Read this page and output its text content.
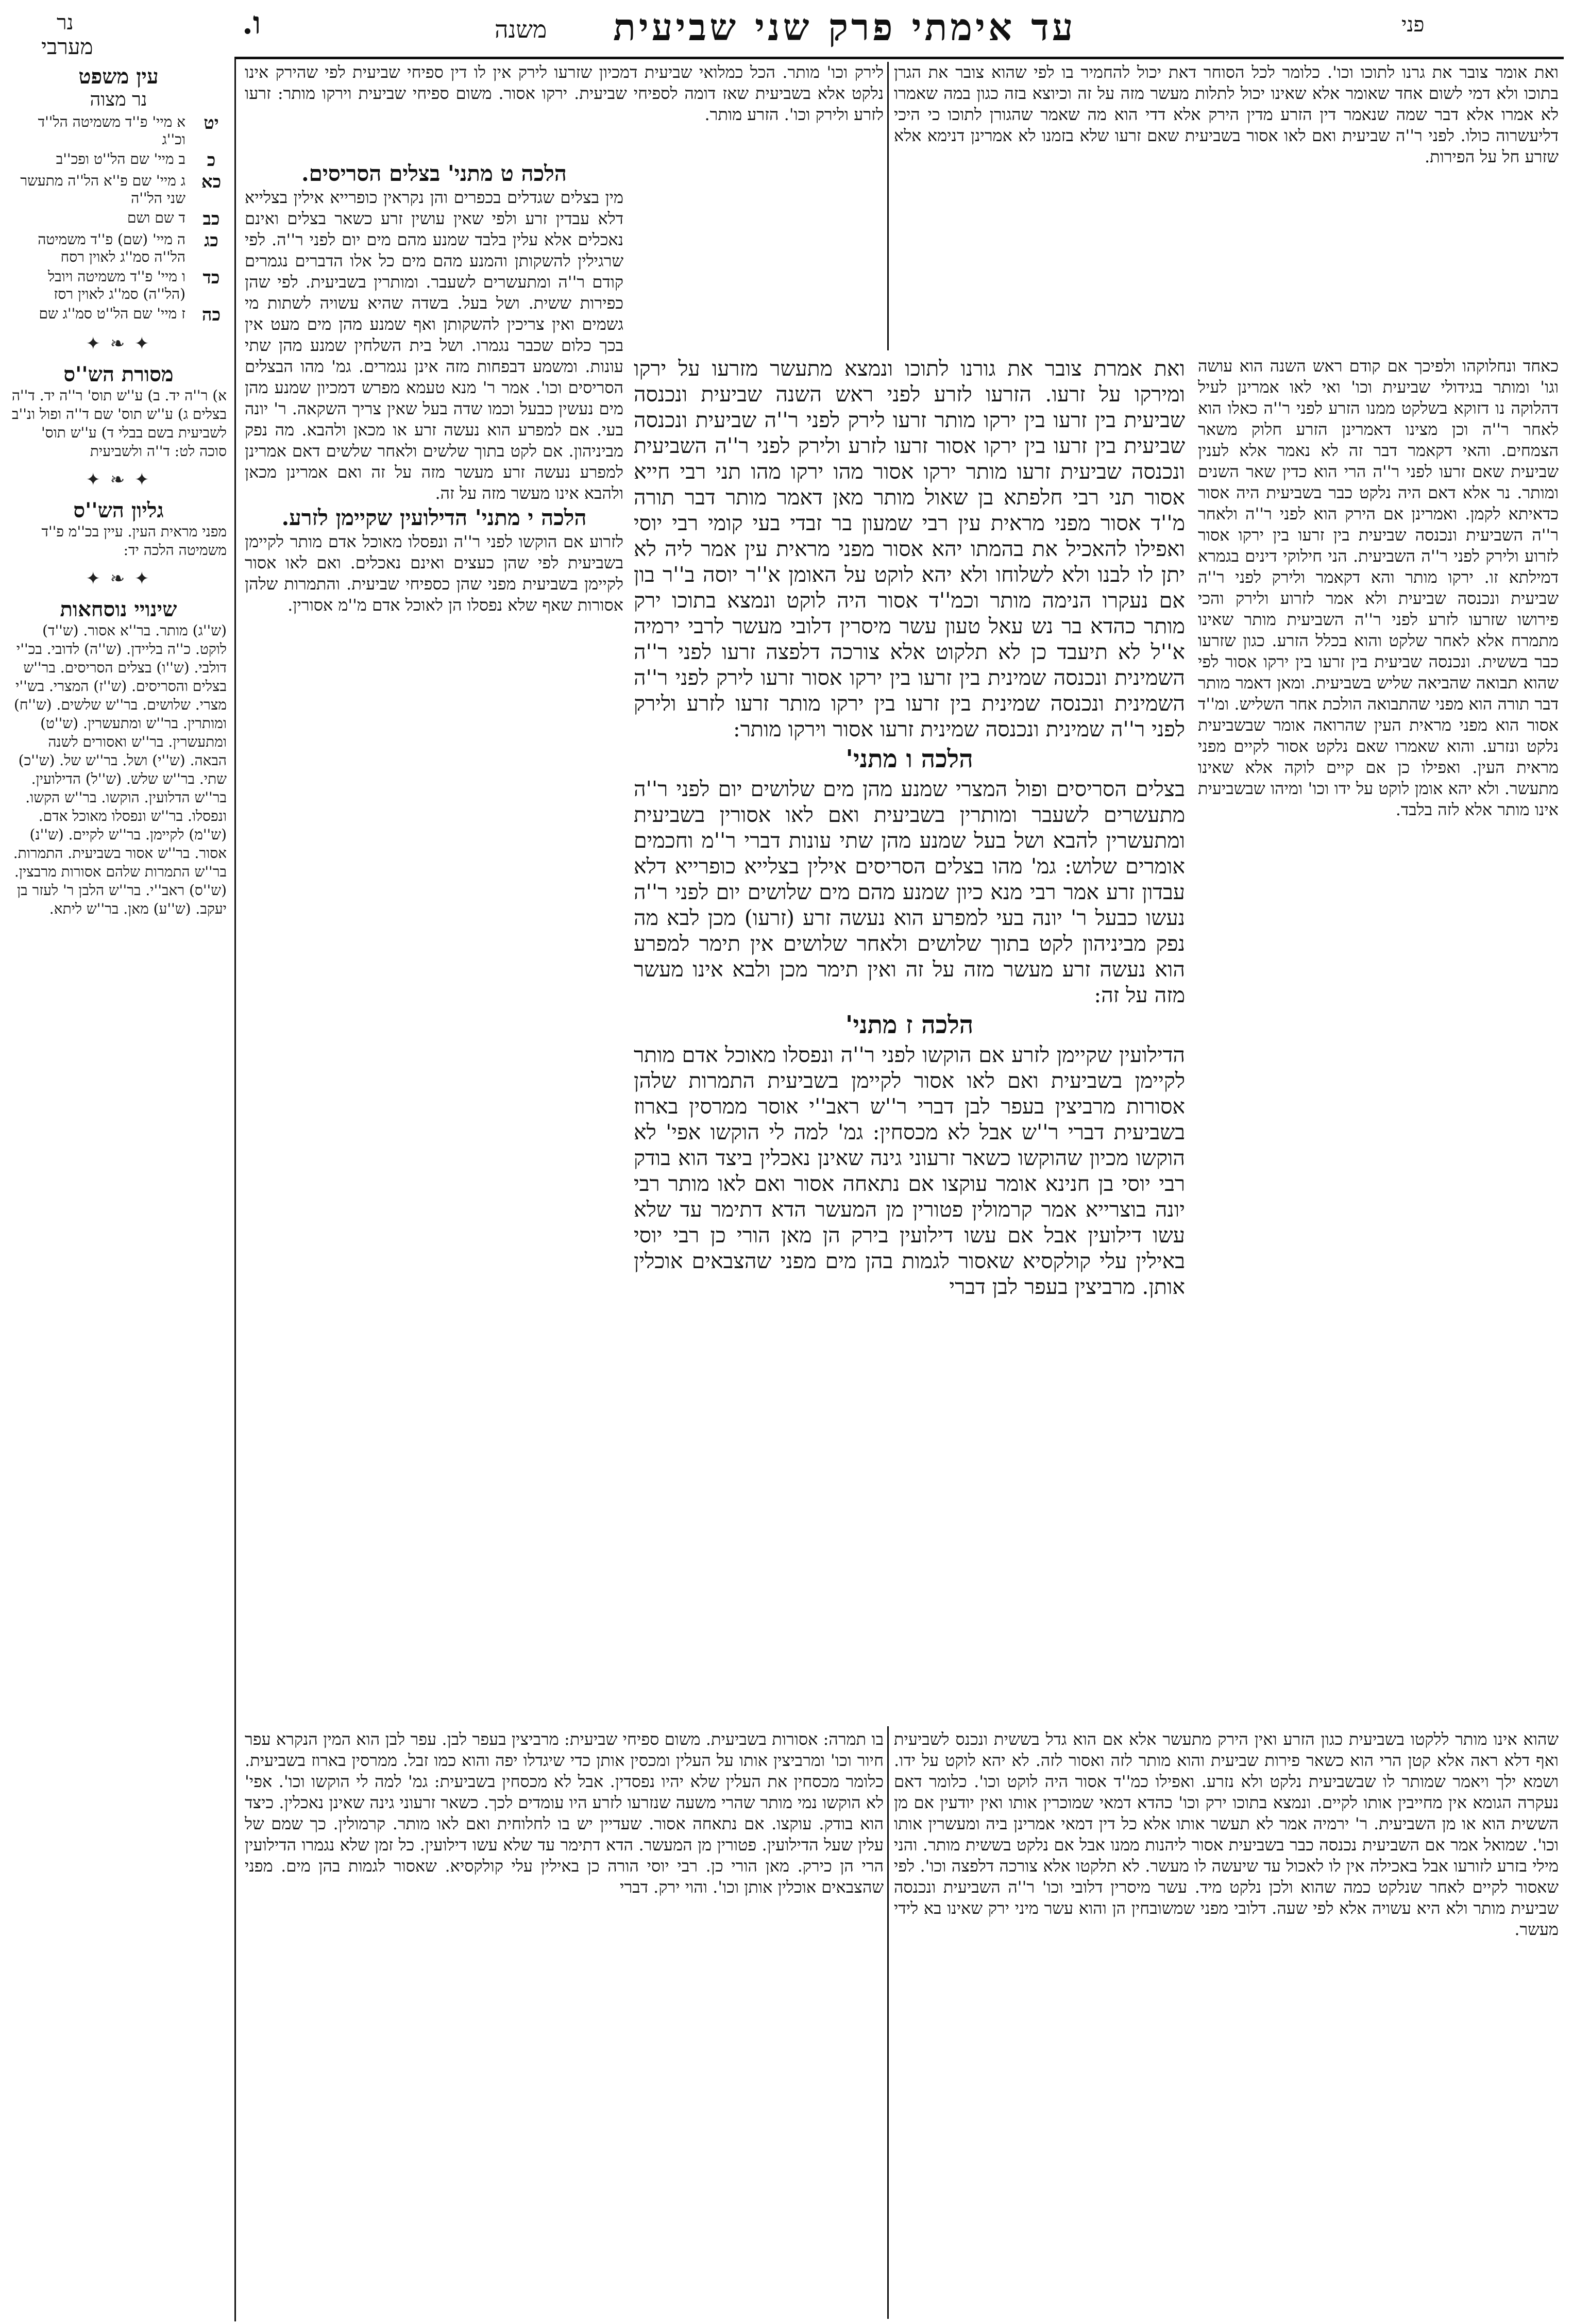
פני
עד אימתי פרק שני שביעית
משנה
ו.
נר
מערבי

ואת אומר צובר את גרנו לתוכו וכו'. כלומר לכל הסוחר דאת יכול להחמיר בו לפי שהוא צובר את הגרן בתוכו ולא דמי לשום אחד שאומר אלא שאינו יכול לתלות מעשר מזה על זה וכיוצא בזה כגון במה שאמרו לא אמרו אלא דבר שמה שנאמר דין הזרע מדין הירק אלא דדי הוא מה שאמר שהגורן לתוכו כי היכי דליעשרוה כולו. לפני ר''ה שביעית ואם לאו אסור בשביעית שאם זרעו שלא בזמנו לא אמרינן דנימא אלא שזרע חל על הפירות.

כאחד ונחלוקהו ולפיכך אם קודם ראש השנה הוא עושה וגו' ומותר בגידולי שביעית וכו' ואי לאו אמרינן לעיל דהלוקה נו דזוקא בשלקט ממנו הזרע לפני ר''ה כאלו הוא לאחר ר''ה וכן מצינו דאמרינן הזרע חלוק משאר הצמחים. והאי דקאמר דבר זה לא נאמר אלא לענין שביעית שאם זרעו לפני ר''ה הרי הוא כדין שאר השנים ומותר. נר אלא דאם היה נלקט כבר בשביעית היה אסור כדאיתא לקמן. ואמרינן אם הירק הוא לפני ר''ה ולאחר ר''ה השביעית ונכנסה שביעית בין זרעו בין ירקו אסור לזרוע ולירק לפני ר''ה השביעית. הני חילוקי דינים בגמרא דמילתא זו. ירקו מותר והא דקאמר ולירק לפני ר''ה שביעית ונכנסה שביעית ולא אמר לזרוע ולירק והכי פירושו שזרעו לזרע לפני ר''ה השביעית מותר שאינו מתמרח אלא לאחר שלקט והוא בכלל הזרע. כגון שזרעו כבר בששית. ונכנסה שביעית בין זרעו בין ירקו אסור לפי שהוא תבואה שהביאה שליש בשביעית. ומאן דאמר מותר דבר תורה הוא מפני שהתבואה הולכת אחר השליש. ומ''ד אסור הוא מפני מראית העין שהרואה אומר שבשביעית נלקט ונזרע. והוא שאמרו שאם נלקט אסור לקיים מפני מראית העין. ואפילו כן אם קיים לוקה אלא שאינו מתעשר. ולא יהא אומן לוקט על ידו וכו' ומיהו שבשביעית אינו מותר אלא לזה בלבד.

שהוא אינו מותר ללקטו בשביעית כגון הזרע ואין הירק מתעשר אלא אם הוא גדל בששית ונכנס לשביעית ואף דלא ראה אלא קטן הרי הוא כשאר פירות שביעית והוא מותר לזה ואסור לזה. לא יהא לוקט על ידו. ושמא ילך ויאמר שמותר לו שבשביעית נלקט ולא נזרע. ואפילו כמ''ד אסור היה לוקט וכו'. כלומר דאם נעקרה הגומא אין מחייבין אותו לקיים. ונמצא בתוכו ירק וכו' כהדא דמאי שמוכרין אותו ואין יודעין אם מן הששית הוא או מן השביעית. ר' ירמיה אמר לא תעשר אותו אלא כל דין דמאי אמרינן ביה ומעשרין אותו וכו'. שמואל אמר אם השביעית נכנסה כבר בשביעית אסור ליהנות ממנו אבל אם נלקט בששית מותר. והני מילי בזרע לזורעו אבל באכילה אין לו לאכול עד שיעשה לו מעשר. לא תלקטו אלא צורכה דלפצה וכו'. לפי שאסור לקיים לאחר שנלקט כמה שהוא ולכן נלקט מיד. עשר מיסרין דלובי וכו' ר''ה השביעית ונכנסה שביעית מותר ולא היא עשויה אלא לפי שעה. דלובי מפני שמשובחין הן והוא עשר מיני ירק שאינו בא לידי מעשר.

ואת אמרת צובר את גורנו לתוכו ונמצא מתעשר מזרעו על ירקו ומירקו על זרעו. הזרעו לזרע לפני ראש השנה שביעית ונכנסה שביעית בין זרעו בין ירקו מותר זרעו לירק לפני ר''ה שביעית ונכנסה שביעית בין זרעו בין ירקו אסור זרעו לזרע ולירק לפני ר''ה השביעית ונכנסה שביעית זרעו מותר ירקו אסור מהו ירקו מהו תני רבי חייא אסור תני רבי חלפתא בן שאול מותר מאן דאמר מותר דבר תורה מ''ד אסור מפני מראית עין רבי שמעון בר זבדי בעי קומי רבי יוסי ואפילו להאכיל את בהמתו יהא אסור מפני מראית עין אמר ליה לא יתן לו לבנו ולא לשלוחו ולא יהא לוקט על האומן א''ר יוסה ב''ר בון אם נעקרו הנימה מותר וכמ''ד אסור היה לוקט ונמצא בתוכו ירק מותר כהדא בר נש עאל טעון עשר מיסרין דלובי מעשר לרבי ירמיה א''ל לא תיעבד כן לא תלקוט אלא צורכה דלפצה זרעו לפני ר''ה השמינית ונכנסה שמינית בין זרעו בין ירקו אסור זרעו לירק לפני ר''ה השמינית ונכנסה שמינית בין זרעו בין ירקו מותר זרעו לזרע ולירק לפני ר''ה שמינית ונכנסה שמינית זרעו אסור וירקו מותר:

הלכה ו מתני'

בצלים הסריסים ופול המצרי שמנע מהן מים שלושים יום לפני ר''ה מתעשרים לשעבר ומותרין בשביעית ואם לאו אסורין בשביעית ומתעשרין להבא ושל בעל שמנע מהן שתי עונות דברי ר''מ וחכמים אומרים שלוש: גמ' מהו בצלים הסריסים אילין בצלייא כופרייא דלא עבדון זרע אמר רבי מנא כיון שמנע מהם מים שלושים יום לפני ר''ה נעשו כבעל ר' יונה בעי למפרע הוא נעשה זרע (זרעו) מכן לבא מה נפק מביניהון לקט בתוך שלושים ולאחר שלושים אין תימר למפרע הוא נעשה זרע מעשר מזה על זה ואין תימר מכן ולבא אינו מעשר מזה על זה:

הלכה ז מתני'

הדילועין שקיימן לזרע אם הוקשו לפני ר''ה ונפסלו מאוכל אדם מותר לקיימן בשביעית ואם לאו אסור לקיימן בשביעית התמרות שלהן אסורות מרביצין בעפר לבן דברי ר''ש ראב''י אוסר ממרסין בארוז בשביעית דברי ר''ש אבל לא מכסחין: גמ' למה לי הוקשו אפי' לא הוקשו מכיון שהוקשו כשאר זרעוני גינה שאינן נאכלין ביצד הוא בודק רבי יוסי בן חנינא אומר עוקצו אם נתאחה אסור ואם לאו מותר רבי יונה בוצרייא אמר קרמולין פטורין מן המעשר הדא דתימר עד שלא עשו דילועין אבל אם עשו דילועין בירק הן מאן הורי כן רבי יוסי באילין עלי קולקסיא שאסור לגמות בהן מים מפני שהצבאים אוכלין אותן. מרביצין בעפר לבן דברי

לירק וכו' מותר. הכל כמלואי שביעית דמכיון שזרעו לירק אין לו דין ספיחי שביעית לפי שהירק אינו נלקט אלא בשביעית שאז דומה לספיחי שביעית. ירקו אסור. משום ספיחי שביעית וירקו מותר: זרעו לזרע ולירק וכו'. הזרע מותר.

הלכה ט מתני' בצלים הסריסים.

מין בצלים שגדלים בכפרים והן נקראין כופרייא אילין בצלייא דלא עבדין זרע ולפי שאין עושין זרע כשאר בצלים ואינם נאכלים אלא עלין בלבד שמנע מהם מים יום לפני ר''ה. לפי שרגילין להשקותן והמנע מהם מים כל אלו הדברים נגמרים קודם ר''ה ומתעשרים לשעבר. ומותרין בשביעית. לפי שהן כפירות ששית. ושל בעל. בשדה שהיא עשויה לשתות מי גשמים ואין צריכין להשקותן ואף שמנע מהן מים מעט אין בכך כלום שכבר נגמרו. ושל בית השלחין שמנע מהן שתי עונות. ומשמע דבפחות מזה אינן נגמרים. גמ' מהו הבצלים הסריסים וכו'. אמר ר' מנא טעמא מפרש דמכיון שמנע מהן מים נעשין כבעל וכמו שדה בעל שאין צריך השקאה. ר' יונה בעי. אם למפרע הוא נעשה זרע או מכאן ולהבא. מה נפק מביניהון. אם לקט בתוך שלשים ולאחר שלשים דאם אמרינן למפרע נעשה זרע מעשר מזה על זה ואם אמרינן מכאן ולהבא אינו מעשר מזה על זה.

הלכה י מתני' הדילועין שקיימן לזרע.

לזרוע אם הוקשו לפני ר''ה ונפסלו מאוכל אדם מותר לקיימן בשביעית לפי שהן כעצים ואינם נאכלים. ואם לאו אסור לקיימן בשביעית מפני שהן כספיחי שביעית. והתמרות שלהן אסורות שאף שלא נפסלו הן לאוכל אדם מ''מ אסורין.

בו תמרה: אסורות בשביעית. משום ספיחי שביעית: מרביצין בעפר לבן. עפר לבן הוא המין הנקרא עפר חיור וכו' ומרביצין אותו על העלין ומכסין אותן כדי שיגדלו יפה והוא כמו זבל. ממרסין בארוז בשביעית. כלומר מכסחין את העלין שלא יהיו נפסדין. אבל לא מכסחין בשביעית: גמ' למה לי הוקשו וכו'. אפי' לא הוקשו נמי מותר שהרי משעה שנזרעו לזרע היו עומדים לכך. כשאר זרעוני גינה שאינן נאכלין. כיצד הוא בודק. עוקצו. אם נתאחה אסור. שעדיין יש בו לחלוחית ואם לאו מותר. קרמולין. כך שמם של עלין שעל הדילועין. פטורין מן המעשר. הדא דתימר עד שלא עשו דילועין. כל זמן שלא נגמרו הדילועין הרי הן כירק. מאן הורי כן. רבי יוסי הורה כן באילין עלי קולקסיא. שאסור לגמות בהן מים. מפני שהצבאים אוכלין אותן וכו'. והוי ירק. דברי

עין משפט
נר מצוה
יט
א מיי' פ''ד משמיטה הל''ד וכ''ג
כ
ב מיי' שם הל''ט ופכ''ב
כא
ג מיי' שם פ''א הל''ה מתעשר שני הל''ה
כב
ד שם ושם
כג
ה מיי' (שם) פ''ד משמיטה הל''ה סמ''ג לאוין רסח
כד
ו מיי' פ''ד משמיטה ויובל (הל''ה) סמ''ג לאוין רסז
כה
ז מיי' שם הל''ט סמ''ג שם
✦ ❧ ✦
מסורת הש''ס
א) ר''ה יד. ב) ע''ש תוס' ר''ה יד. ד''ה בצלים ג) ע''ש תוס' שם ד''ה ופול ונ''ב לשביעית בשם בבלי ד) ע''ש תוס' סוכה לט: ד''ה ולשביעית
✦ ❧ ✦
גליון הש''ס
מפני מראית העין. עיין בכ''מ פ''ד משמיטה הלכה יד:
✦ ❧ ✦
שינויי נוסחאות
(ש''ג) מותר. בר''א אסור. (ש''ד) לוקט. כ''ה בליידן. (ש''ה) לדובי. בכ''י דולבי. (ש''ו) בצלים הסריסים. בר''ש בצלים והסריסים. (ש''ז) המצרי. בש''י מצרי. שלושים. בר''ש שלשים. (ש''ח) ומותרין. בר''ש ומתעשרין. (ש''ט) ומתעשרין. בר''ש ואסורים לשנה הבאה. (ש''י) ושל. בר''ש של. (ש''כ) שתי. בר''ש שלש. (ש''ל) הדילועין. בר''ש הדלועין. הוקשו. בר''ש הקשו. ונפסלו. בר''ש ונפסלו מאוכל אדם. (ש''מ) לקיימן. בר''ש לקיים. (ש''נ) אסור. בר''ש אסור בשביעית. התמרות. בר''ש התמרות שלהם אסורות מרבצין. (ש''ס) ראב''י. בר''ש הלבן ר' לעזר בן יעקב. (ש''ע) מאן. בר''ש ליתא.
